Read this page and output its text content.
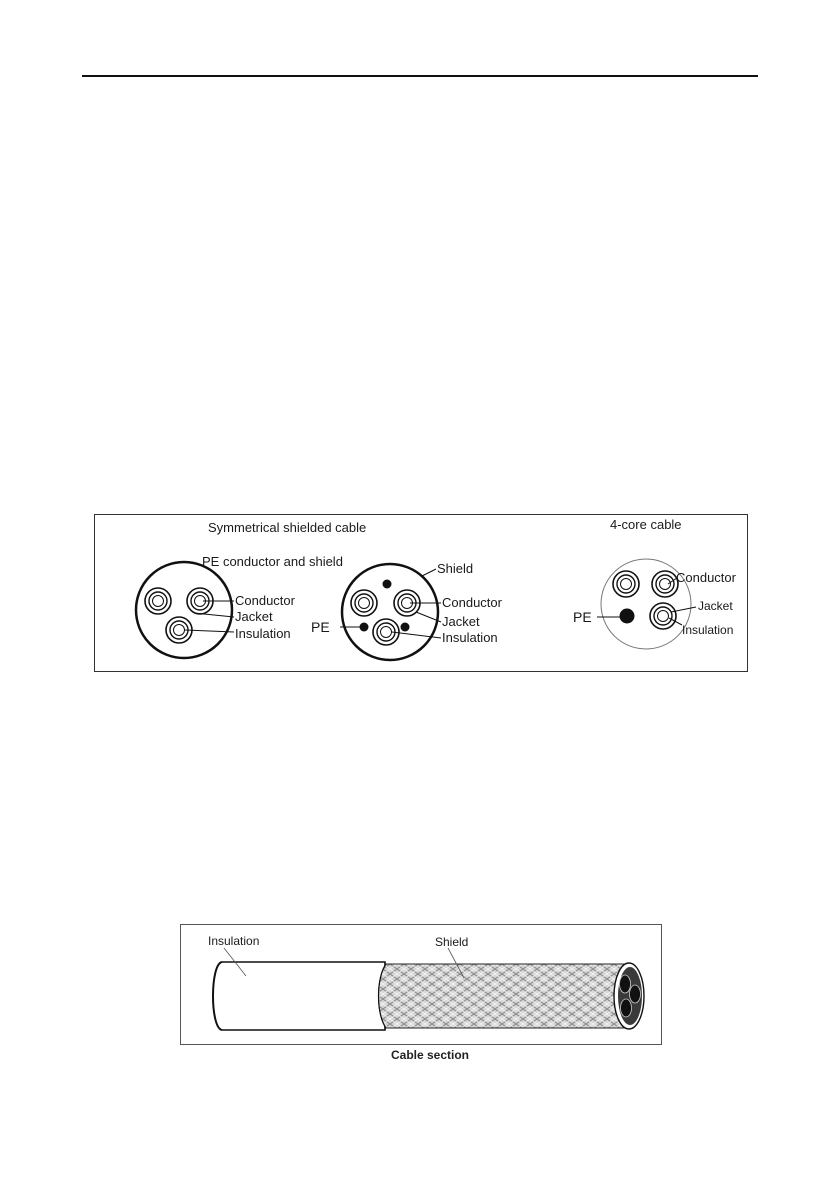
Symmetrical shielded cable	4-core cable
PE conductor and shield
Conductor
Jacket
Insulation
Shield
PE
Conductor
Jacket
Insulation
Conductor
Jacket
Insulation
PE
Insulation	Shield
Cable section
